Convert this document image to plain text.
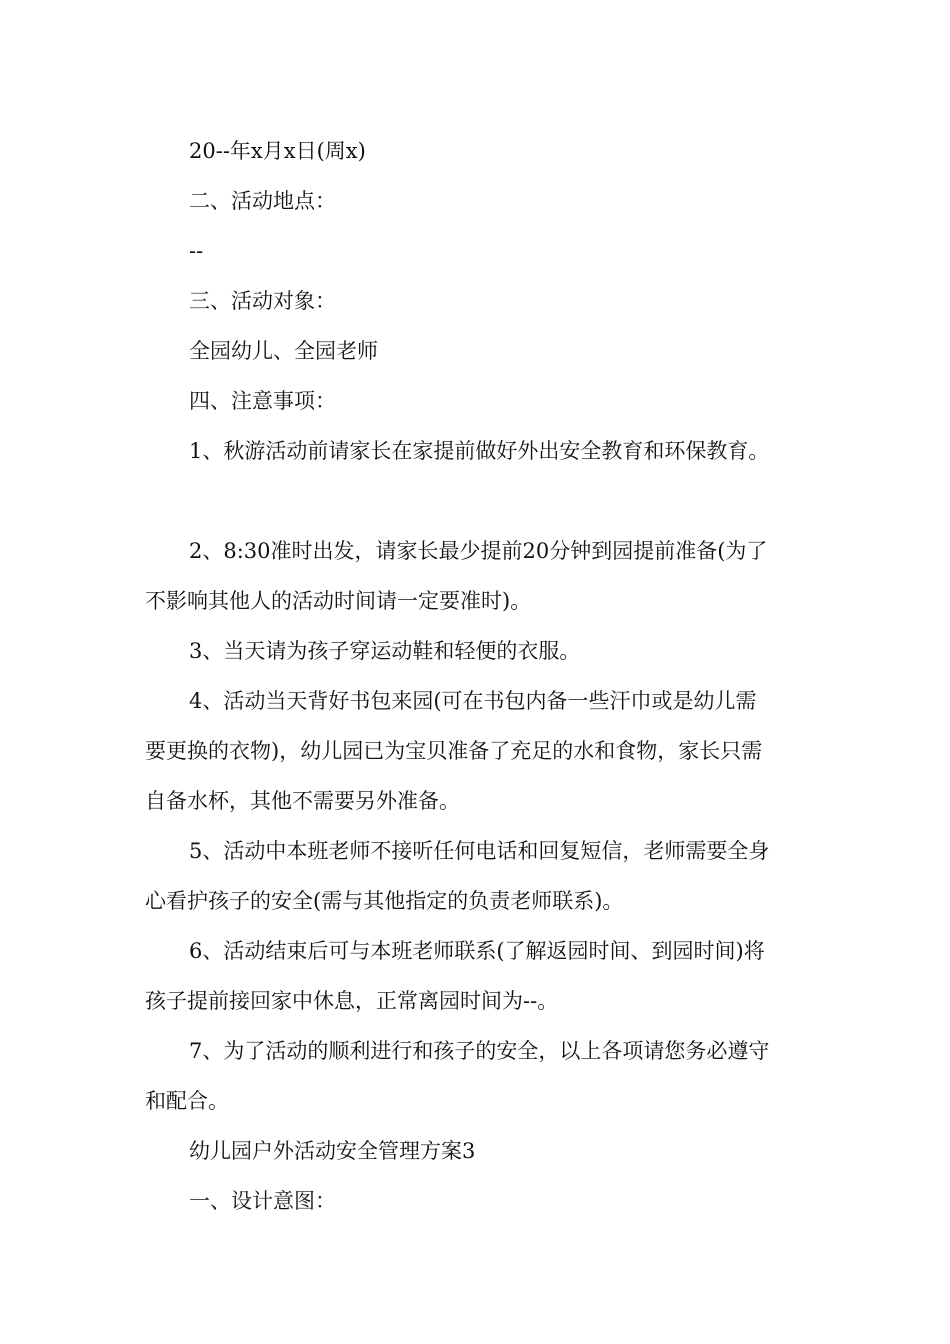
20--年x月x日(周x)

二、活动地点：

--

三、活动对象：

全园幼儿、全园老师

四、注意事项：

1、秋游活动前请家长在家提前做好外出安全教育和环保教育。

2、8:30准时出发，请家长最少提前20分钟到园提前准备(为了

不影响其他人的活动时间请一定要准时)。

3、当天请为孩子穿运动鞋和轻便的衣服。

4、活动当天背好书包来园(可在书包内备一些汗巾或是幼儿需

要更换的衣物)，幼儿园已为宝贝准备了充足的水和食物，家长只需

自备水杯，其他不需要另外准备。

5、活动中本班老师不接听任何电话和回复短信，老师需要全身

心看护孩子的安全(需与其他指定的负责老师联系)。

6、活动结束后可与本班老师联系(了解返园时间、到园时间)将

孩子提前接回家中休息，正常离园时间为--。

7、为了活动的顺利进行和孩子的安全，以上各项请您务必遵守

和配合。

幼儿园户外活动安全管理方案3

一、设计意图：
